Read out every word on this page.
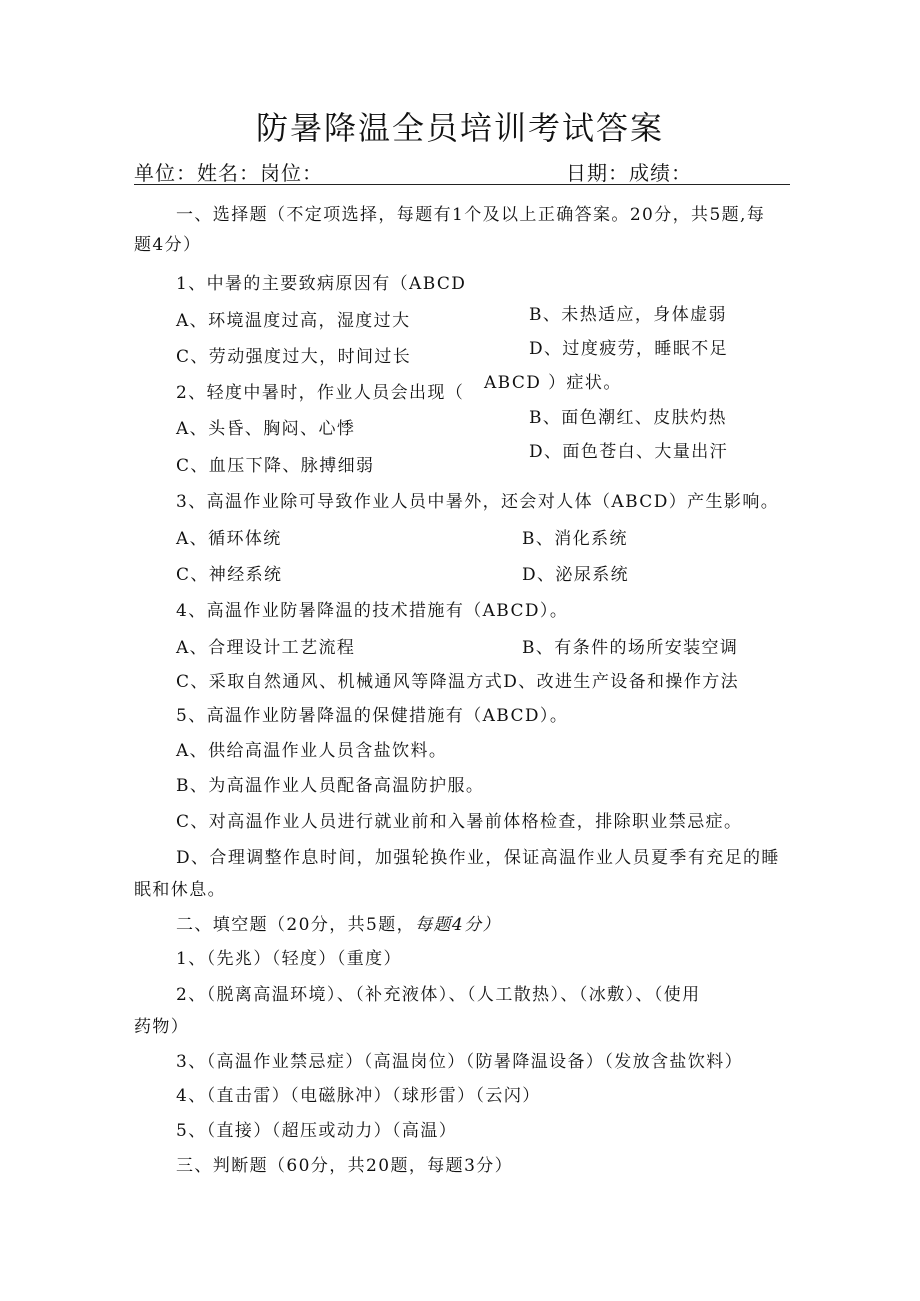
防暑降温全员培训考试答案
单位：姓名：岗位：	日期：成绩：
一、选择题（不定项选择，每题有1个及以上正确答案。20分，共5题,每
题4分）
1、中暑的主要致病原因有（ABCD
B、未热适应，身体虚弱
A、环境温度过高，湿度过大
D、过度疲劳，睡眠不足
C、劳动强度过大，时间过长
ABCD ）症状。
2、轻度中暑时，作业人员会出现（
B、面色潮红、皮肤灼热
A、头昏、胸闷、心悸
D、面色苍白、大量出汗
C、血压下降、脉搏细弱
3、高温作业除可导致作业人员中暑外，还会对人体（ABCD）产生影响。
A、循环体统	B、消化系统
C、神经系统	D、泌尿系统
4、高温作业防暑降温的技术措施有（ABCD）。
A、合理设计工艺流程	B、有条件的场所安装空调
C、采取自然通风、机械通风等降温方式D、改进生产设备和操作方法
5、高温作业防暑降温的保健措施有（ABCD）。
A、供给高温作业人员含盐饮料。
B、为高温作业人员配备高温防护服。
C、对高温作业人员进行就业前和入暑前体格检查，排除职业禁忌症。
D、合理调整作息时间，加强轮换作业，保证高温作业人员夏季有充足的睡
眠和休息。
二、填空题（20分，共5题，每题4分）
1、（先兆）（轻度）（重度）
2、（脱离高温环境）、（补充液体）、（人工散热）、（冰敷）、（使用
药物）
3、（高温作业禁忌症）（高温岗位）（防暑降温设备）（发放含盐饮料）
4、（直击雷）（电磁脉冲）（球形雷）（云闪）
5、（直接）（超压或动力）（高温）
三、判断题（60分，共20题，每题3分）
